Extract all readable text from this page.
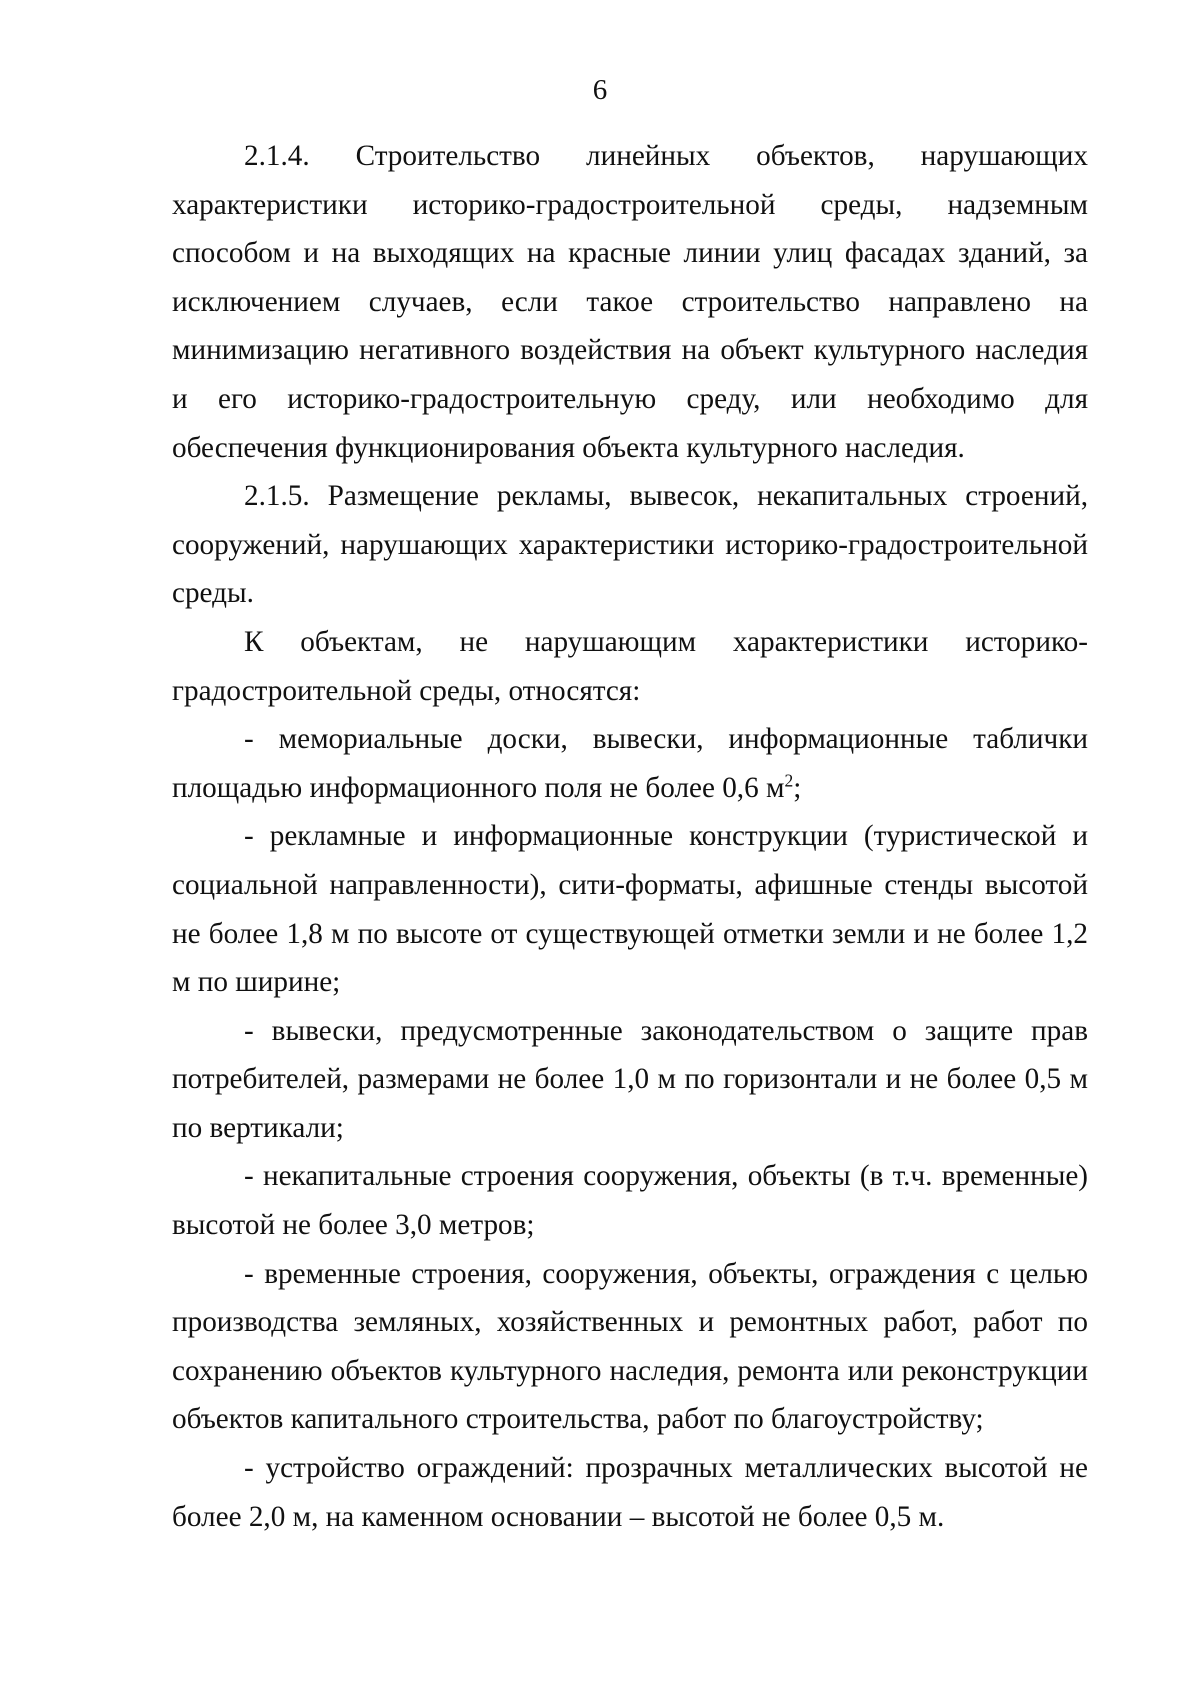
6

2.1.4. Строительство линейных объектов, нарушающих характеристики историко-градостроительной среды, надземным способом и на выходящих на красные линии улиц фасадах зданий, за исключением случаев, если такое строительство направлено на минимизацию негативного воздействия на объект культурного наследия и его историко-градостроительную среду, или необходимо для обеспечения функционирования объекта культурного наследия.

2.1.5. Размещение рекламы, вывесок, некапитальных строений, сооружений, нарушающих характеристики историко-градостроительной среды.

К объектам, не нарушающим характеристики историко-градостроительной среды, относятся:

- мемориальные доски, вывески, информационные таблички площадью информационного поля не более 0,6 $м^2$;

- рекламные и информационные конструкции (туристической и социальной направленности), сити-форматы, афишные стенды высотой не более 1,8 м по высоте от существующей отметки земли и не более 1,2 м по ширине;

- вывески, предусмотренные законодательством о защите прав потребителей, размерами не более 1,0 м по горизонтали и не более 0,5 м по вертикали;

- некапитальные строения сооружения, объекты (в т.ч. временные) высотой не более 3,0 метров;

- временные строения, сооружения, объекты, ограждения с целью производства земляных, хозяйственных и ремонтных работ, работ по сохранению объектов культурного наследия, ремонта или реконструкции объектов капитального строительства, работ по благоустройству;

- устройство ограждений: прозрачных металлических высотой не более 2,0 м, на каменном основании – высотой не более 0,5 м.
